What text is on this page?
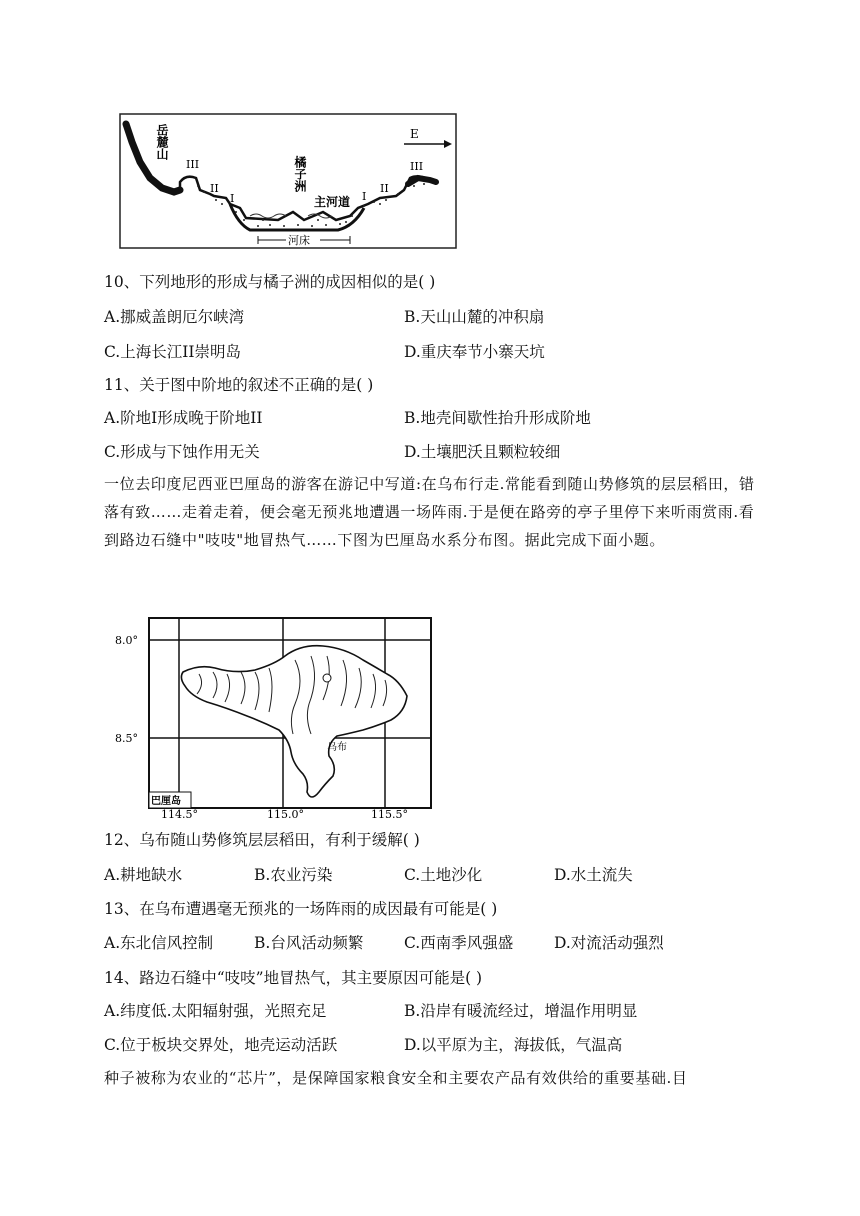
E
岳麓山
橘子洲
主河道
III
II
I	I
II
III
河床
10、下列地形的形成与橘子洲的成因相似的是( )
A.挪威盖朗厄尔峡湾	B.天山山麓的冲积扇
C.上海长江II崇明岛	D.重庆奉节小寨天坑
11、关于图中阶地的叙述不正确的是( )
A.阶地I形成晚于阶地II	B.地壳间歇性抬升形成阶地
C.形成与下蚀作用无关	D.土壤肥沃且颗粒较细
一位去印度尼西亚巴厘岛的游客在游记中写道:在乌布行走.常能看到随山势修筑的层层稻田，错落有致……走着走着，便会毫无预兆地遭遇一场阵雨.于是便在路旁的亭子里停下来听雨赏雨.看到路边石缝中"吱吱"地冒热气……下图为巴厘岛水系分布图。据此完成下面小题。
乌布
8.0°
8.5°
巴厘岛
114.5°	115.0°	115.5°
12、乌布随山势修筑层层稻田，有利于缓解( )
A.耕地缺水	B.农业污染	C.土地沙化	D.水土流失
13、在乌布遭遇毫无预兆的一场阵雨的成因最有可能是( )
A.东北信风控制	B.台风活动频繁	C.西南季风强盛	D.对流活动强烈
14、路边石缝中“吱吱”地冒热气，其主要原因可能是( )
A.纬度低.太阳辐射强，光照充足	B.沿岸有暖流经过，增温作用明显
C.位于板块交界处，地壳运动活跃	D.以平原为主，海拔低，气温高
种子被称为农业的“芯片”，是保障国家粮食安全和主要农产品有效供给的重要基础.目
